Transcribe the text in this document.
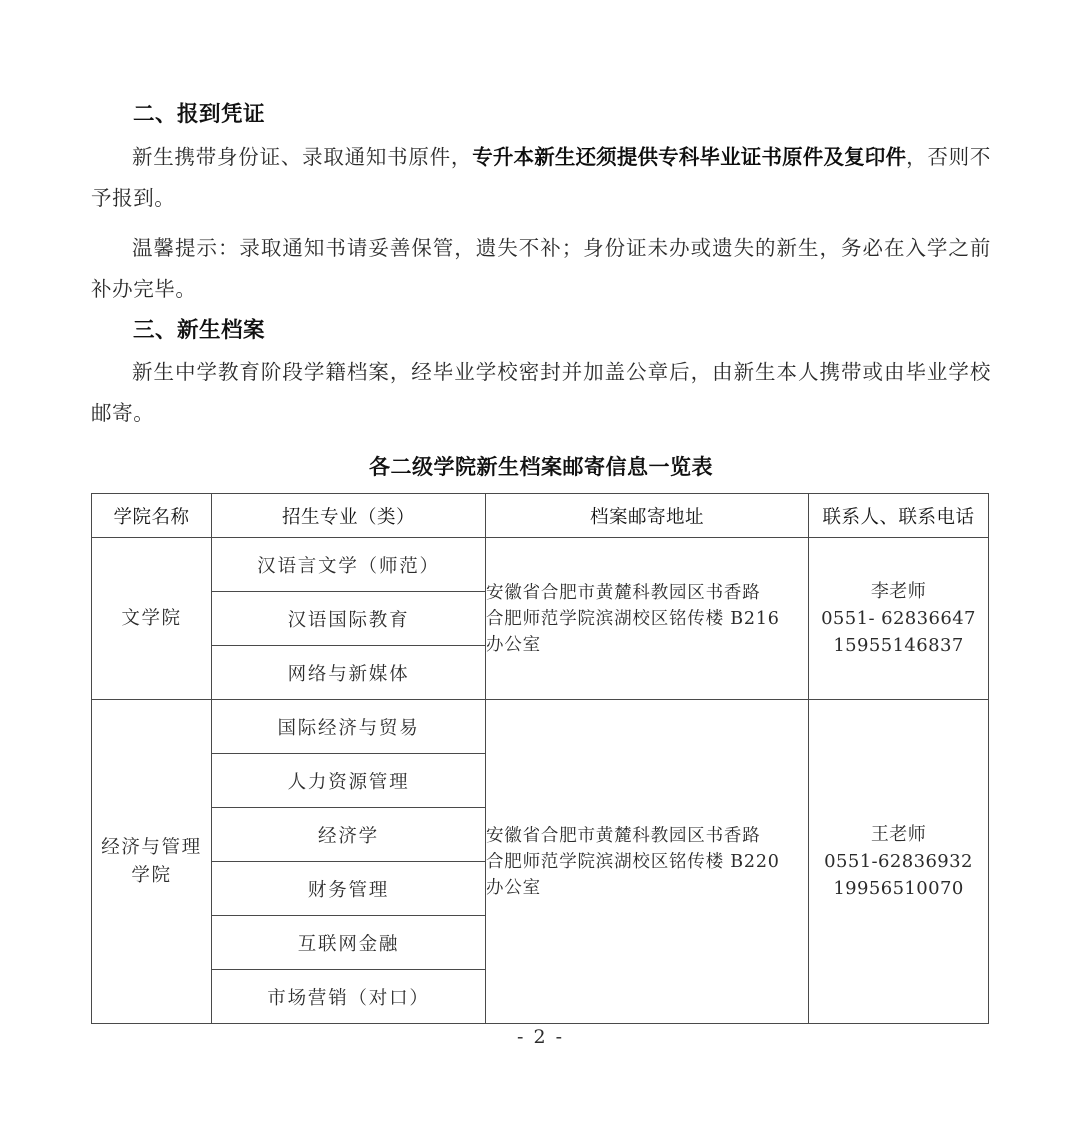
二、报到凭证

新生携带身份证、录取通知书原件，专升本新生还须提供专科毕业证书原件及复印件，否则不予报到。

温馨提示：录取通知书请妥善保管，遗失不补；身份证未办或遗失的新生，务必在入学之前补办完毕。

三、新生档案

新生中学教育阶段学籍档案，经毕业学校密封并加盖公章后，由新生本人携带或由毕业学校邮寄。

各二级学院新生档案邮寄信息一览表

学院名称	招生专业（类）	档案邮寄地址	联系人、联系电话
文学院	汉语言文学（师范）	安徽省合肥市黄麓科教园区书香路
合肥师范学院滨湖校区铭传楼 B216
办公室	李老师
0551- 62836647
15955146837

	汉语国际教育		
	网络与新媒体		
经济与管理学院	国际经济与贸易	安徽省合肥市黄麓科教园区书香路
合肥师范学院滨湖校区铭传楼 B220
办公室	王老师
0551-62836932
19956510070

	人力资源管理		
	经济学		
	财务管理		
	互联网金融		
	市场营销（对口）		
- 2 -
